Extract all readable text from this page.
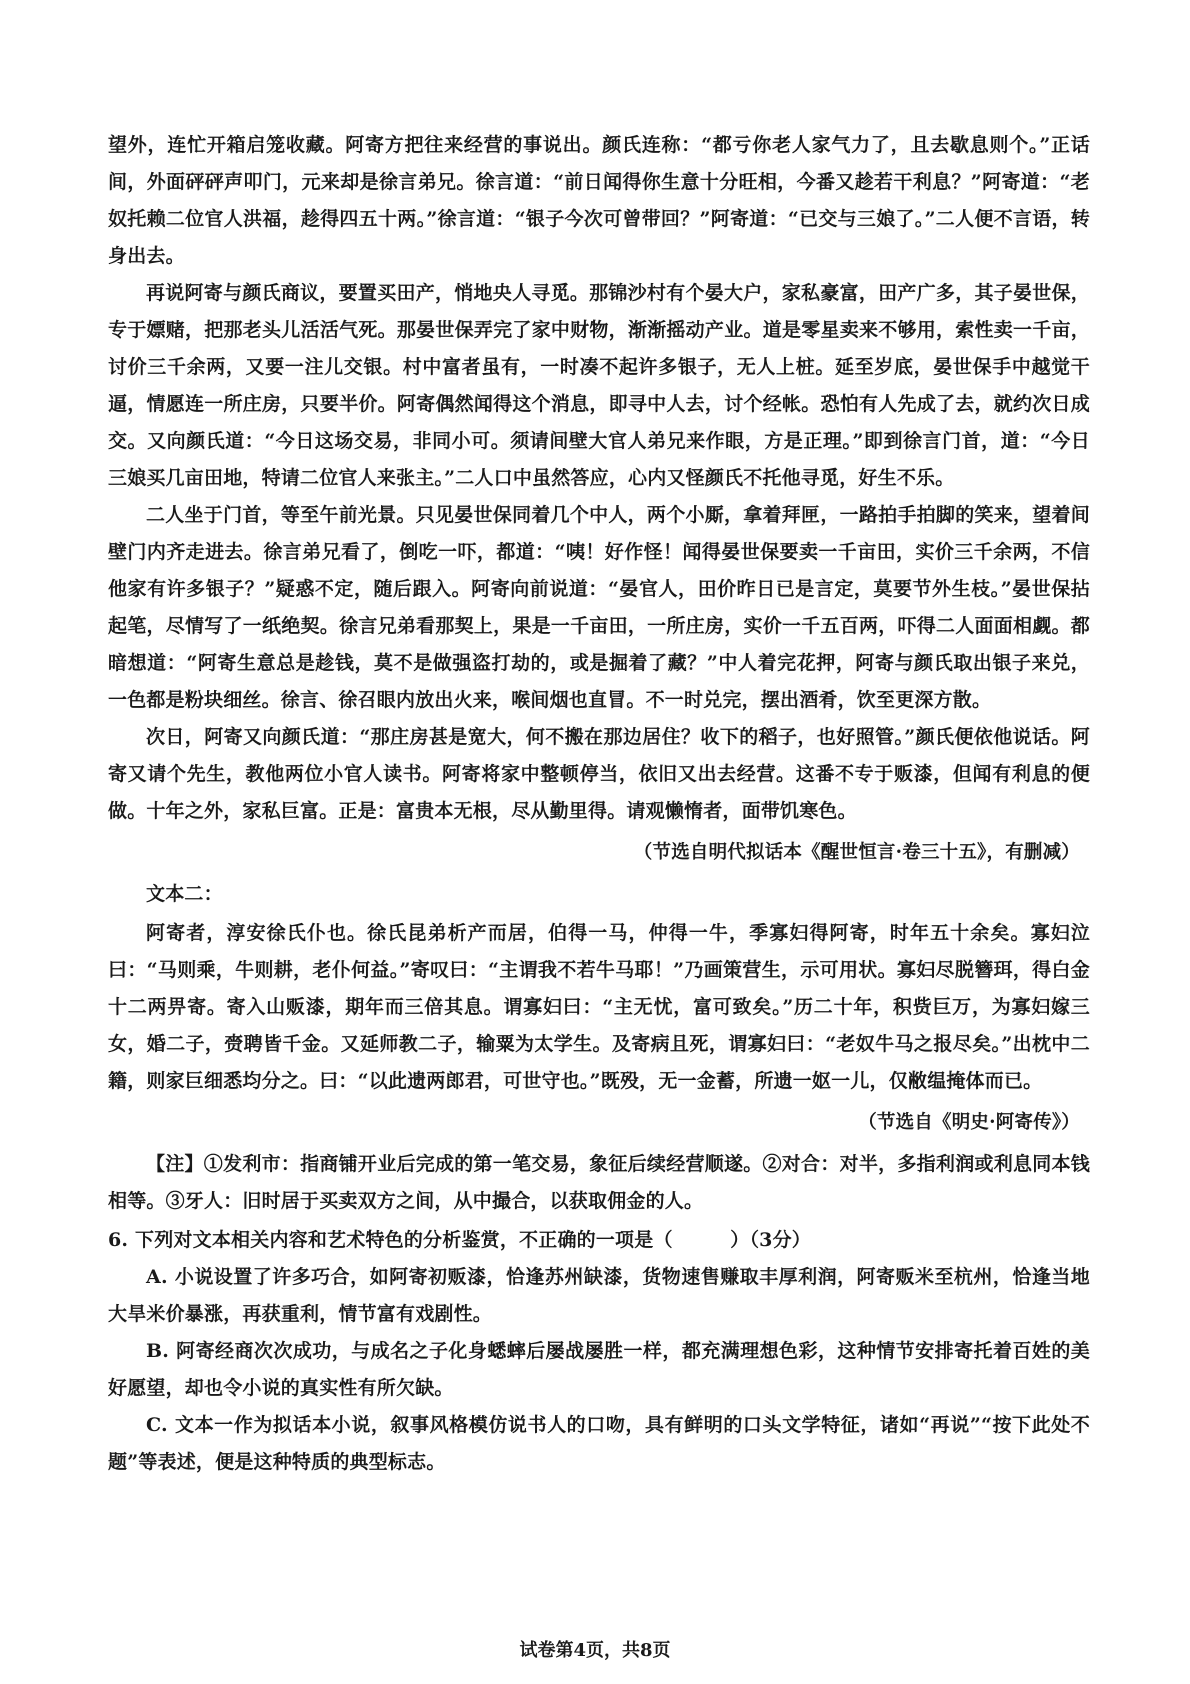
望外，连忙开箱启笼收藏。阿寄方把往来经营的事说出。颜氏连称：“都亏你老人家气力了，且去歇息则个。”正话间，外面砰砰声叩门，元来却是徐言弟兄。徐言道：“前日闻得你生意十分旺相，今番又趁若干利息？”阿寄道：“老奴托赖二位官人洪福，趁得四五十两。”徐言道：“银子今次可曾带回？”阿寄道：“已交与三娘了。”二人便不言语，转身出去。

再说阿寄与颜氏商议，要置买田产，悄地央人寻觅。那锦沙村有个晏大户，家私豪富，田产广多，其子晏世保，专于嫖赌，把那老头儿活活气死。那晏世保弄完了家中财物，渐渐摇动产业。道是零星卖来不够用，索性卖一千亩，讨价三千余两，又要一注儿交银。村中富者虽有，一时凑不起许多银子，无人上桩。延至岁底，晏世保手中越觉干逼，情愿连一所庄房，只要半价。阿寄偶然闻得这个消息，即寻中人去，讨个经帐。恐怕有人先成了去，就约次日成交。又向颜氏道：“今日这场交易，非同小可。须请间壁大官人弟兄来作眼，方是正理。”即到徐言门首，道：“今日三娘买几亩田地，特请二位官人来张主。”二人口中虽然答应，心内又怪颜氏不托他寻觅，好生不乐。

二人坐于门首，等至午前光景。只见晏世保同着几个中人，两个小厮，拿着拜匣，一路拍手拍脚的笑来，望着间壁门内齐走进去。徐言弟兄看了，倒吃一吓，都道：“咦！好作怪！闻得晏世保要卖一千亩田，实价三千余两，不信他家有许多银子？”疑惑不定，随后跟入。阿寄向前说道：“晏官人，田价昨日已是言定，莫要节外生枝。”晏世保拈起笔，尽情写了一纸绝契。徐言兄弟看那契上，果是一千亩田，一所庄房，实价一千五百两，吓得二人面面相觑。都暗想道：“阿寄生意总是趁钱，莫不是做强盗打劫的，或是掘着了藏？”中人着完花押，阿寄与颜氏取出银子来兑，一色都是粉块细丝。徐言、徐召眼内放出火来，喉间烟也直冒。不一时兑完，摆出酒肴，饮至更深方散。

次日，阿寄又向颜氏道：“那庄房甚是宽大，何不搬在那边居住？收下的稻子，也好照管。”颜氏便依他说话。阿寄又请个先生，教他两位小官人读书。阿寄将家中整顿停当，依旧又出去经营。这番不专于贩漆，但闻有利息的便做。十年之外，家私巨富。正是：富贵本无根，尽从勤里得。请观懒惰者，面带饥寒色。

（节选自明代拟话本《醒世恒言·卷三十五》，有删减）

文本二：

阿寄者，淳安徐氏仆也。徐氏昆弟析产而居，伯得一马，仲得一牛，季寡妇得阿寄，时年五十余矣。寡妇泣曰：“马则乘，牛则耕，老仆何益。”寄叹曰：“主谓我不若牛马耶！”乃画策营生，示可用状。寡妇尽脱簪珥，得白金十二两畀寄。寄入山贩漆，期年而三倍其息。谓寡妇曰：“主无忧，富可致矣。”历二十年，积赀巨万，为寡妇嫁三女，婚二子，赍聘皆千金。又延师教二子，输粟为太学生。及寄病且死，谓寡妇曰：“老奴牛马之报尽矣。”出枕中二籍，则家巨细悉均分之。曰：“以此遗两郎君，可世守也。”既殁，无一金蓄，所遗一妪一儿，仅敝缊掩体而已。

（节选自《明史·阿寄传》）

【注】①发利市：指商铺开业后完成的第一笔交易，象征后续经营顺遂。②对合：对半，多指利润或利息同本钱相等。③牙人：旧时居于买卖双方之间，从中撮合，以获取佣金的人。

6. 下列对文本相关内容和艺术特色的分析鉴赏，不正确的一项是（　　　）（3分）

A. 小说设置了许多巧合，如阿寄初贩漆，恰逢苏州缺漆，货物速售赚取丰厚利润，阿寄贩米至杭州，恰逢当地大旱米价暴涨，再获重利，情节富有戏剧性。

B. 阿寄经商次次成功，与成名之子化身蟋蟀后屡战屡胜一样，都充满理想色彩，这种情节安排寄托着百姓的美好愿望，却也令小说的真实性有所欠缺。

C. 文本一作为拟话本小说，叙事风格模仿说书人的口吻，具有鲜明的口头文学特征，诸如“再说”“按下此处不题”等表述，便是这种特质的典型标志。

试卷第4页，共8页
